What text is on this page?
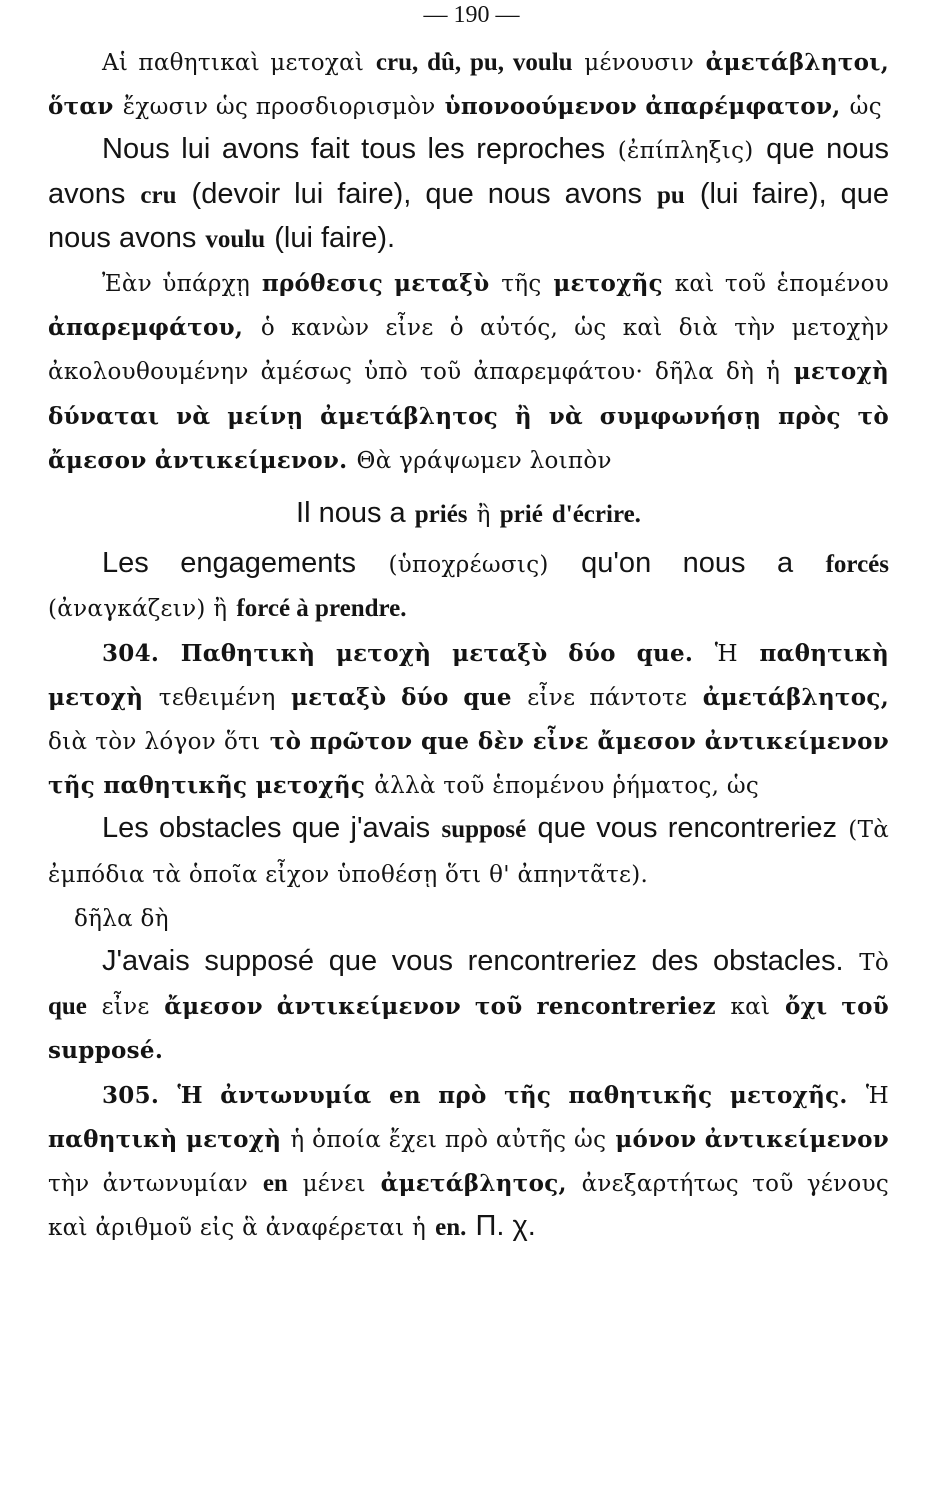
— 190 —

Αἱ παθητικαὶ μετοχαὶ cru, dû, pu, voulu μένουσιν ἀμετάβλητοι, ὅταν ἔχωσιν ὡς προσδιορισμὸν ὑπονοούμενον ἀπαρέμφατον, ὡς

Nous lui avons fait tous les reproches (ἐπίπληξις) que nous avons cru (devoir lui faire), que nous avons pu (lui faire), que nous avons voulu (lui faire).

Ἐὰν ὑπάρχῃ πρόθεσις μεταξὺ τῆς μετοχῆς καὶ τοῦ ἑπομένου ἀπαρεμφάτου, ὁ κανὼν εἶνε ὁ αὐτός, ὡς καὶ διὰ τὴν μετοχὴν ἀκολουθουμένην ἀμέσως ὑπὸ τοῦ ἀπαρεμφάτου· δῆλα δὴ ἡ μετοχὴ δύναται νὰ μείνῃ ἀμετάβλητος ἢ νὰ συμφωνήσῃ πρὸς τὸ ἄμεσον ἀντικείμενον. Θὰ γράψωμεν λοιπὸν

Il nous a priés ἢ prié d'écrire.

Les engagements (ὑποχρέωσις) qu'on nous a forcés (ἀναγκάζειν) ἢ forcé à prendre.

304. Παθητικὴ μετοχὴ μεταξὺ δύο que. Ἡ παθητικὴ μετοχὴ τεθειμένη μεταξὺ δύο que εἶνε πάντοτε ἀμετάβλητος, διὰ τὸν λόγον ὅτι τὸ πρῶτον que δὲν εἶνε ἄμεσον ἀντικείμενον τῆς παθητικῆς μετοχῆς ἀλλὰ τοῦ ἑπομένου ῥήματος, ὡς

Les obstacles que j'avais supposé que vous rencontreriez (Τὰ ἐμπόδια τὰ ὁποῖα εἶχον ὑποθέσῃ ὅτι θ' ἀπηντᾶτε).

δῆλα δὴ

J'avais supposé que vous rencontreriez des obstacles. Τὸ que εἶνε ἄμεσον ἀντικείμενον τοῦ rencontreriez καὶ ὄχι τοῦ supposé.

305. Ἡ ἀντωνυμία en πρὸ τῆς παθητικῆς μετοχῆς. Ἡ παθητικὴ μετοχὴ ἡ ὁποία ἔχει πρὸ αὐτῆς ὡς μόνον ἀντικείμενον τὴν ἀντωνυμίαν en μένει ἀμετάβλητος, ἀνεξαρτήτως τοῦ γένους καὶ ἀριθμοῦ εἰς ἃ ἀναφέρεται ἡ en. Π. χ.
